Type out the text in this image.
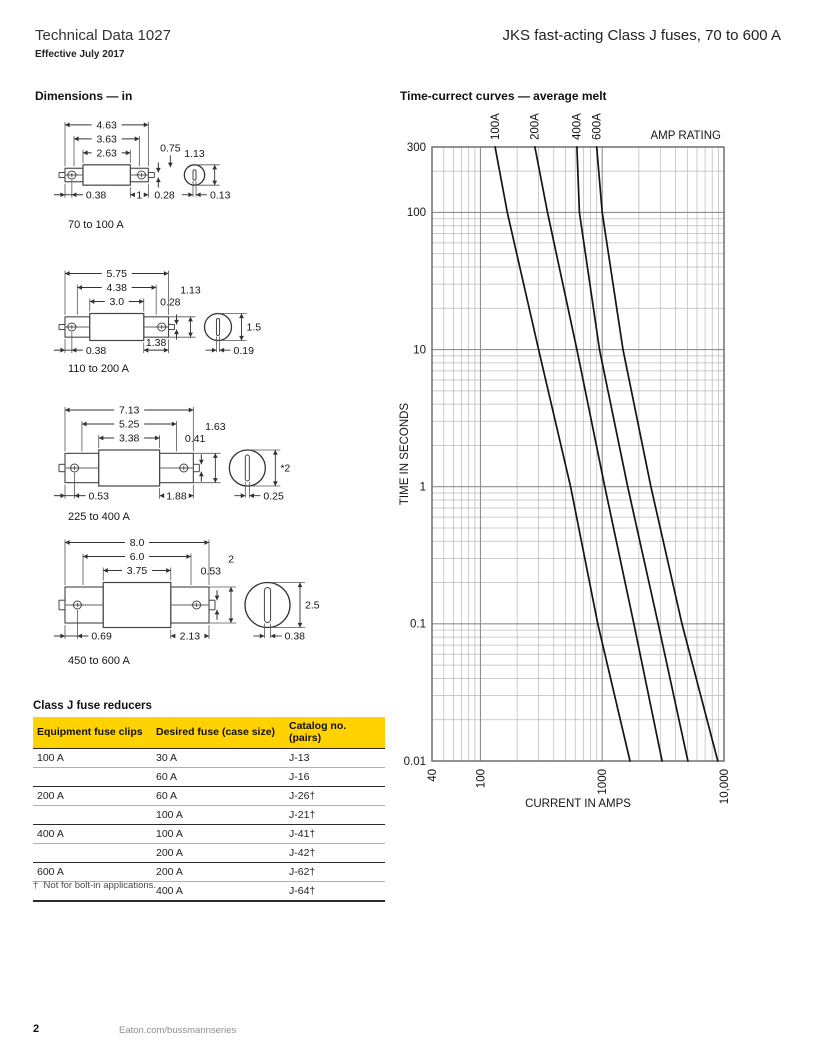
Technical Data 1027
Effective July 2017
JKS fast-acting Class J fuses, 70 to 600 A
Dimensions — in	Time-currect curves — average melt
4.63
3.63
2.63	0.75
0.28
0.38	1
1.13
0.13
70 to 100 A
5.75
4.38
3.0	0.28
1.13
0.38
1.38
1.5
0.19
110 to 200 A
7.13
5.25
3.38	0.41
1.63
0.53	1.88
*2
0.25
225 to 400 A
8.0
6.0
3.75	0.53
2
0.69	2.13
2.5
0.38
450 to 600 A
100A 200A	400A 600A	AMP RATING
300
100
10
1
0.1
0.01
40	100	1000	10,000
CURRENT IN AMPS
TIME IN SECONDS
Class J fuse reducers
Equipment fuse clips	Desired fuse (case size)	Catalog no. (pairs)
100 A	30 A	J-13
	60 A	J-16
200 A	60 A	J-26†
	100 A	J-21†
400 A	100 A	J-41†
	200 A	J-42†
600 A	200 A	J-62†
	400 A	J-64†
†  Not for bolt-in applications.
2	Eaton.com/bussmannseries
